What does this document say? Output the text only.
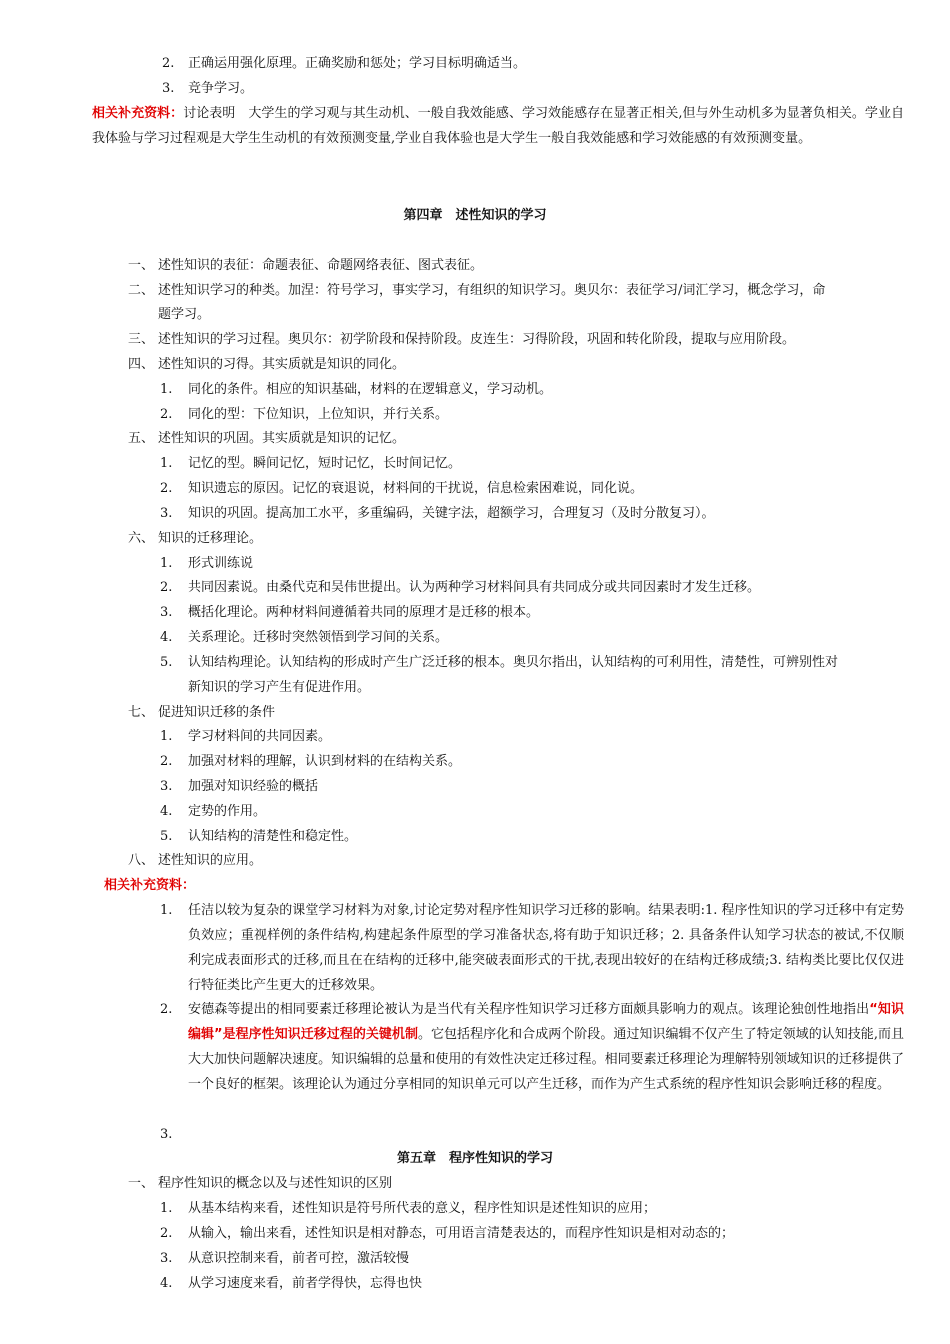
2. 正确运用强化原理。正确奖励和惩处；学习目标明确适当。
3. 竞争学习。
相关补充资料：讨论表明　大学生的学习观与其生动机、一般自我效能感、学习效能感存在显著正相关,但与外生动机多为显著负相关。学业自我体验与学习过程观是大学生生动机的有效预测变量,学业自我体验也是大学生一般自我效能感和学习效能感的有效预测变量。
第四章　述性知识的学习
一、 述性知识的表征：命题表征、命题网络表征、图式表征。
二、 述性知识学习的种类。加涅：符号学习，事实学习，有组织的知识学习。奥贝尔：表征学习/词汇学习，概念学习，命
题学习。
三、 述性知识的学习过程。奥贝尔：初学阶段和保持阶段。皮连生：习得阶段，巩固和转化阶段，提取与应用阶段。
四、 述性知识的习得。其实质就是知识的同化。
1. 同化的条件。相应的知识基础，材料的在逻辑意义，学习动机。
2. 同化的型：下位知识，上位知识，并行关系。
五、 述性知识的巩固。其实质就是知识的记忆。
1. 记忆的型。瞬间记忆，短时记忆，长时间记忆。
2. 知识遗忘的原因。记忆的衰退说，材料间的干扰说，信息检索困难说，同化说。
3. 知识的巩固。提高加工水平，多重编码，关键字法，超额学习，合理复习（及时分散复习）。
六、 知识的迁移理论。
1. 形式训练说
2. 共同因素说。由桑代克和吴伟世提出。认为两种学习材料间具有共同成分或共同因素时才发生迁移。
3. 概括化理论。两种材料间遵循着共同的原理才是迁移的根本。
4. 关系理论。迁移时突然领悟到学习间的关系。
5. 认知结构理论。认知结构的形成时产生广泛迁移的根本。奥贝尔指出，认知结构的可利用性，清楚性，可辨别性对
新知识的学习产生有促进作用。
七、 促进知识迁移的条件
1. 学习材料间的共同因素。
2. 加强对材料的理解，认识到材料的在结构关系。
3. 加强对知识经验的概括
4. 定势的作用。
5. 认知结构的清楚性和稳定性。
八、 述性知识的应用。
相关补充资料：
1. 任洁以较为复杂的课堂学习材料为对象,讨论定势对程序性知识学习迁移的影响。结果表明:1. 程序性知识的学习迁移中有定势负效应；重视样例的条件结构,构建起条件原型的学习准备状态,将有助于知识迁移；2. 具备条件认知学习状态的被试,不仅顺利完成表面形式的迁移,而且在在结构的迁移中,能突破表面形式的干扰,表现出较好的在结构迁移成绩;3. 结构类比要比仅仅进行特征类比产生更大的迁移效果。
2. 安德森等提出的相同要素迁移理论被认为是当代有关程序性知识学习迁移方面颇具影响力的观点。该理论独创性地指出“知识编辑”是程序性知识迁移过程的关键机制。它包括程序化和合成两个阶段。通过知识编辑不仅产生了特定领域的认知技能,而且大大加快问题解决速度。知识编辑的总量和使用的有效性决定迁移过程。相同要素迁移理论为理解特别领域知识的迁移提供了一个良好的框架。该理论认为通过分享相同的知识单元可以产生迁移，而作为产生式系统的程序性知识会影响迁移的程度。
3.
第五章　程序性知识的学习
一、 程序性知识的概念以及与述性知识的区别
1. 从基本结构来看，述性知识是符号所代表的意义，程序性知识是述性知识的应用；
2. 从输入，输出来看，述性知识是相对静态，可用语言清楚表达的，而程序性知识是相对动态的；
3. 从意识控制来看，前者可控，激活较慢
4. 从学习速度来看，前者学得快，忘得也快
